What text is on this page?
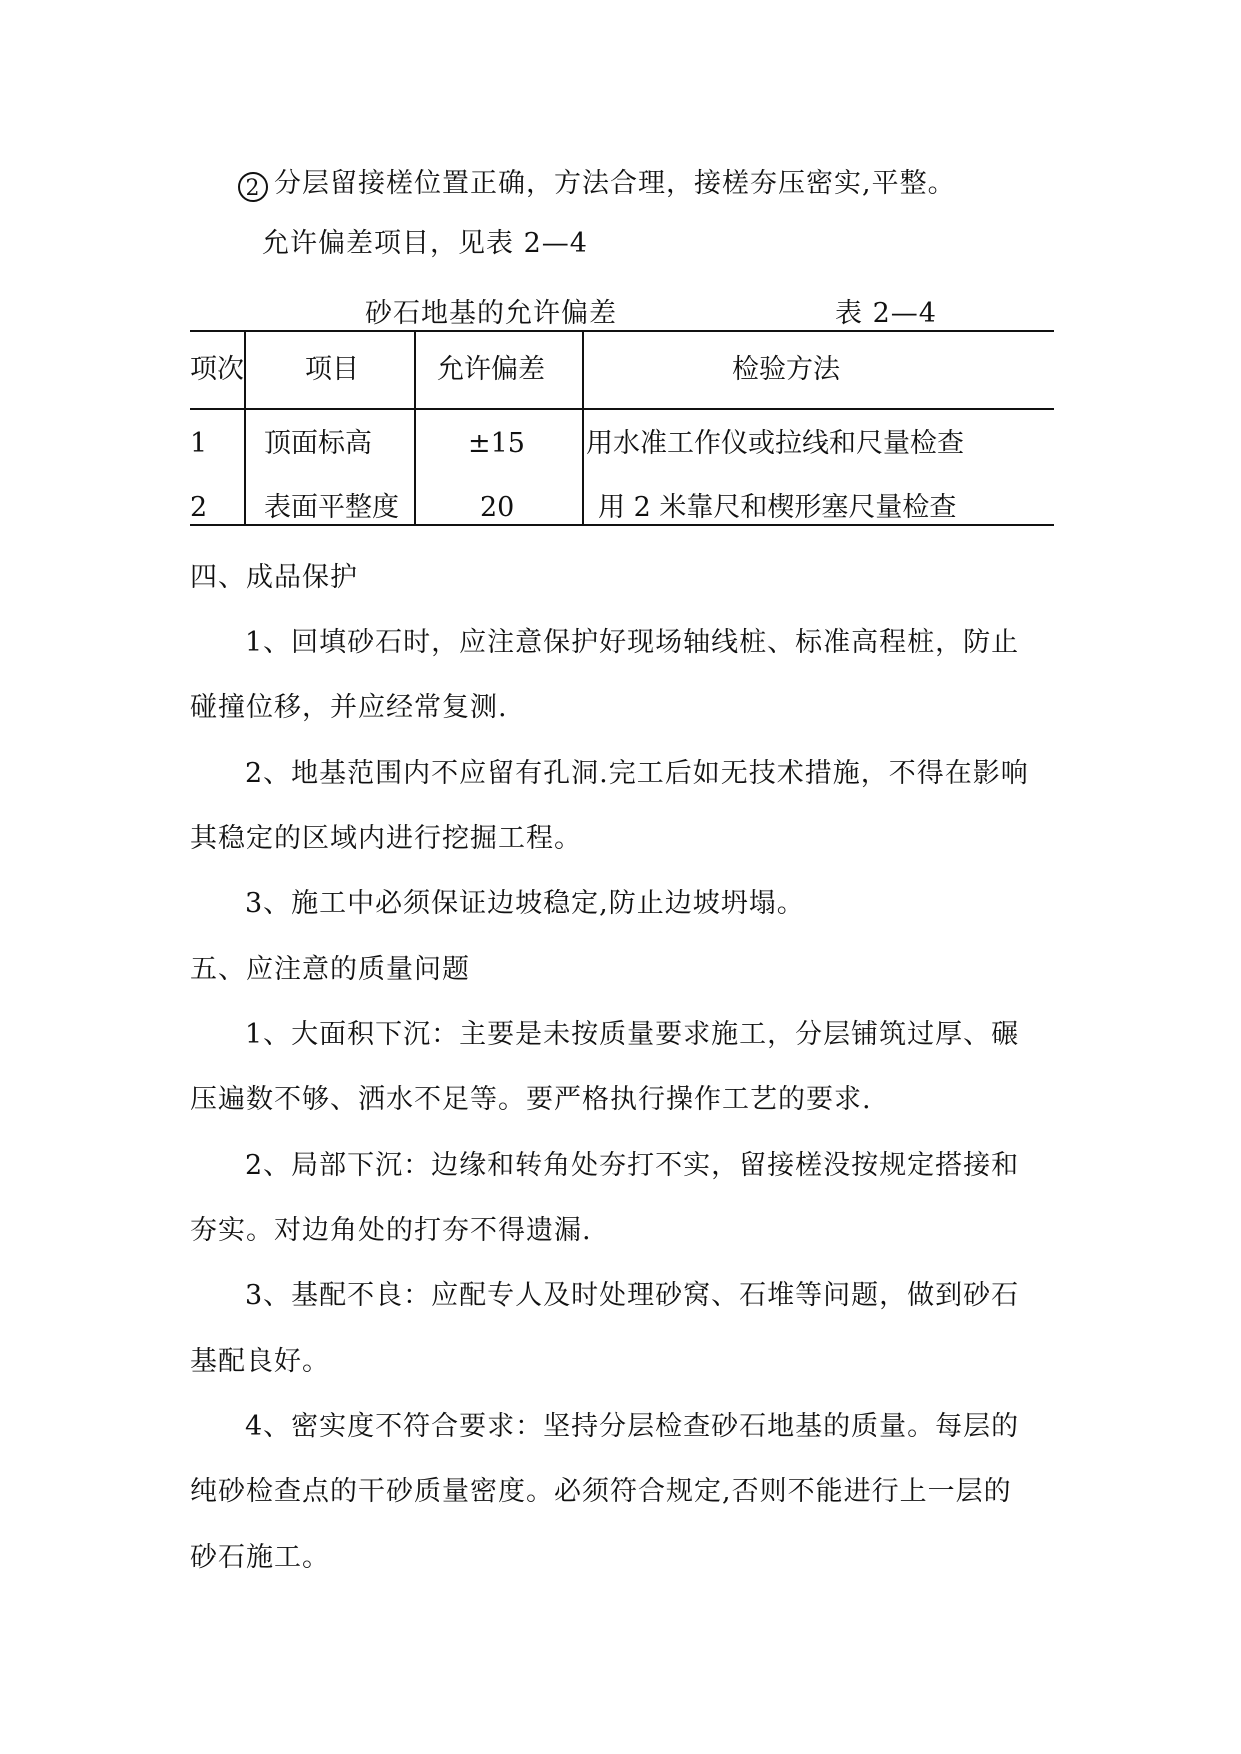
2 分层留接槎位置正确，方法合理，接槎夯压密实,平整。
允许偏差项目，见表 2—4
砂石地基的允许偏差	表 2—4
项次 项目	允许偏差	检验方法
1 顶面标高	±15 用水准工作仪或拉线和尺量检查
2 表面平整度	20	用 2 米靠尺和楔形塞尺量检查
四、成品保护
1、回填砂石时，应注意保护好现场轴线桩、标准高程桩，防止
碰撞位移，并应经常复测.
2、地基范围内不应留有孔洞.完工后如无技术措施，不得在影响
其稳定的区域内进行挖掘工程。
3、施工中必须保证边坡稳定,防止边坡坍塌。
五、应注意的质量问题
1、大面积下沉：主要是未按质量要求施工，分层铺筑过厚、碾
压遍数不够、洒水不足等。要严格执行操作工艺的要求.
2、局部下沉：边缘和转角处夯打不实，留接槎没按规定搭接和
夯实。对边角处的打夯不得遗漏.
3、基配不良：应配专人及时处理砂窝、石堆等问题，做到砂石
基配良好。
4、密实度不符合要求：坚持分层检查砂石地基的质量。每层的
纯砂检查点的干砂质量密度。必须符合规定,否则不能进行上一层的
砂石施工。
